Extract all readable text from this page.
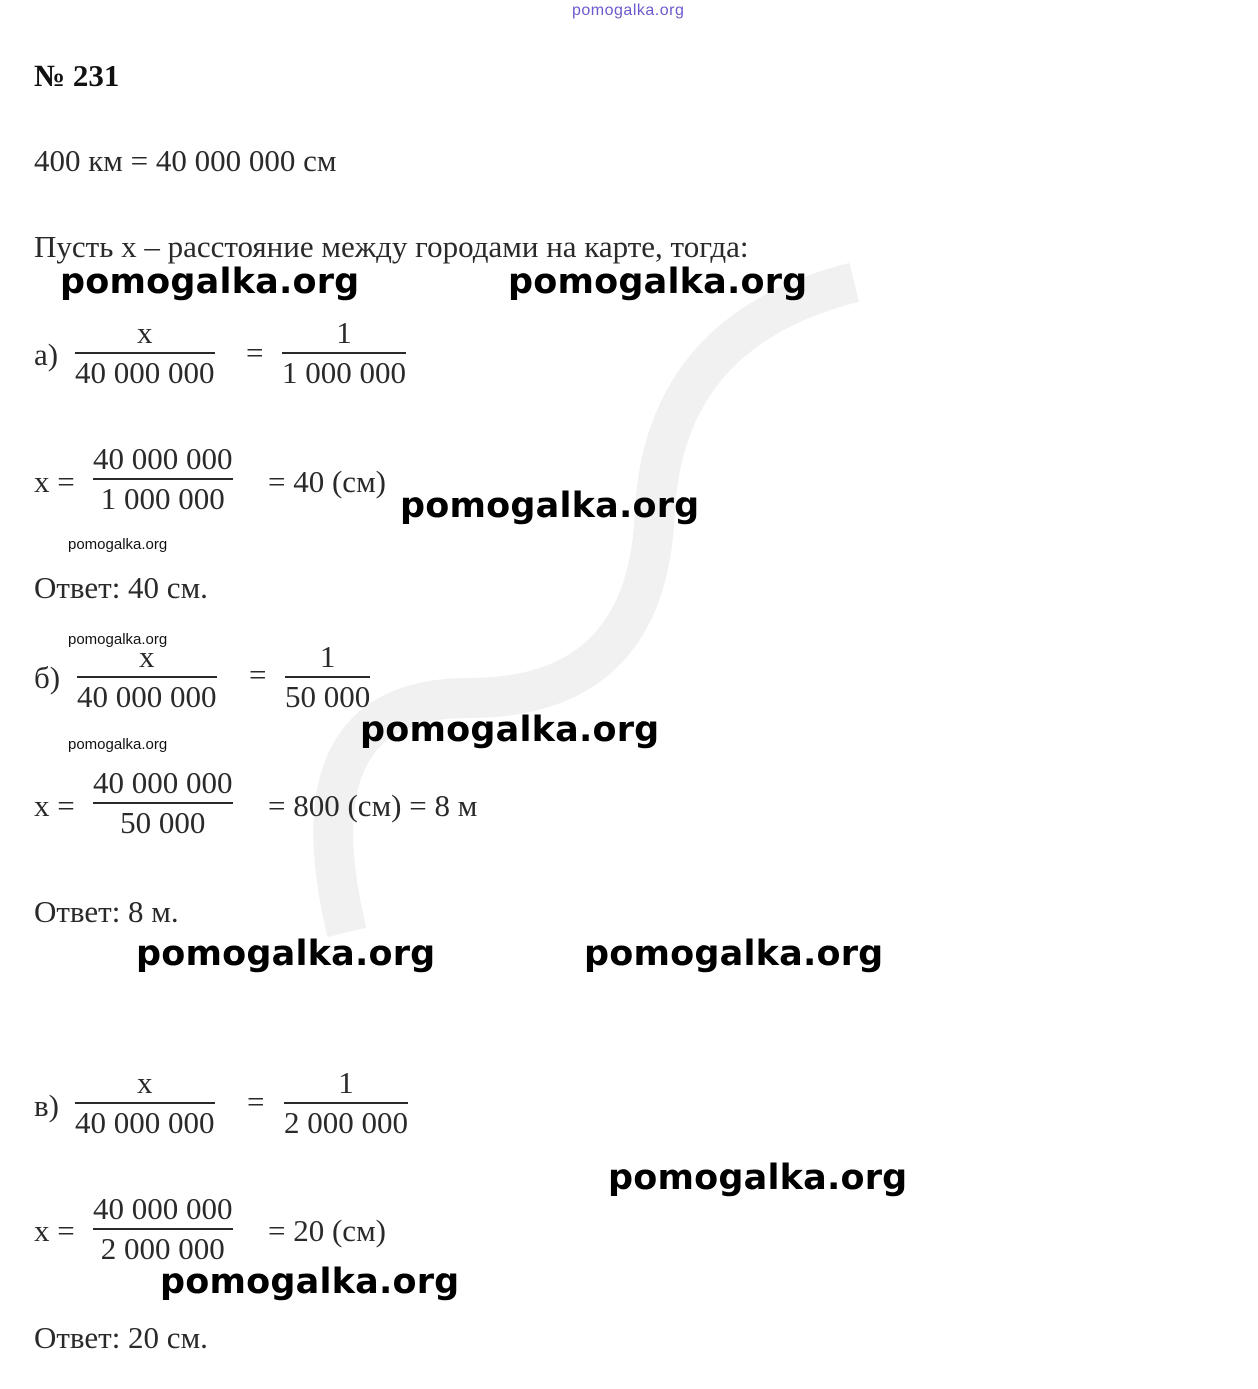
pomogalka.org
№ 231
400 км = 40 000 000 см
Пусть х – расстояние между городами на карте, тогда:
pomogalka.org	pomogalka.org
а)
x
40 000 000
=
1
1 000 000
х =
40 000 000
1 000 000 = 40 (см)
pomogalka.org
pomogalka.org
Ответ: 40 см.
pomogalka.org
б)
x
40 000 000
=
1
50 000
pomogalka.org
pomogalka.org
х =
40 000 000
50 000 = 800 (см) = 8 м
Ответ: 8 м.
pomogalka.org	pomogalka.org
в)
x
40 000 000
=
1
2 000 000
pomogalka.org
х =
40 000 000
2 000 000
= 20 (см)
pomogalka.org
Ответ: 20 см.
